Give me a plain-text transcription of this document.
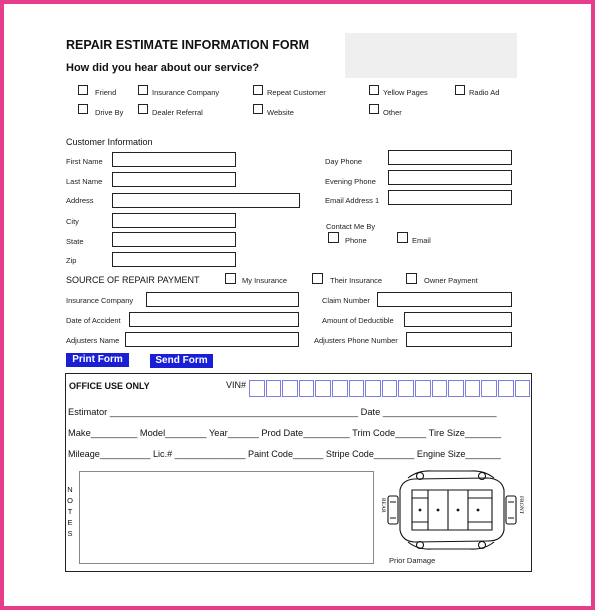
REPAIR ESTIMATE INFORMATION FORM
How did you hear about our service?
Friend	Insurance Company	Repeat Customer	Yellow Pages	Radio Ad
Drive By	Dealer Referral	Website	Other
Customer Information
First Name
Last Name
Address
City
State
Zip
Day Phone
Evening Phone
Email Address 1
Contact Me By
Phone	Email
SOURCE OF REPAIR PAYMENT	My Insurance	Their Insurance	Owner Payment
Insurance Company	Claim Number
Date of Accident	Amount of Deductible
Adjusters Name	Adjusters Phone Number
Print Form	Send Form
OFFICE USE ONLY	VIN#
Estimator ________________________________________________ Date ______________________
Make_________ Model________ Year______ Prod Date_________ Trim Code______ Tire Size_______
Mileage__________ Lic.# ______________ Paint Code______ Stripe Code________ Engine Size_______
N
O
T
E
S
REAR	FRONT
Prior Damage
